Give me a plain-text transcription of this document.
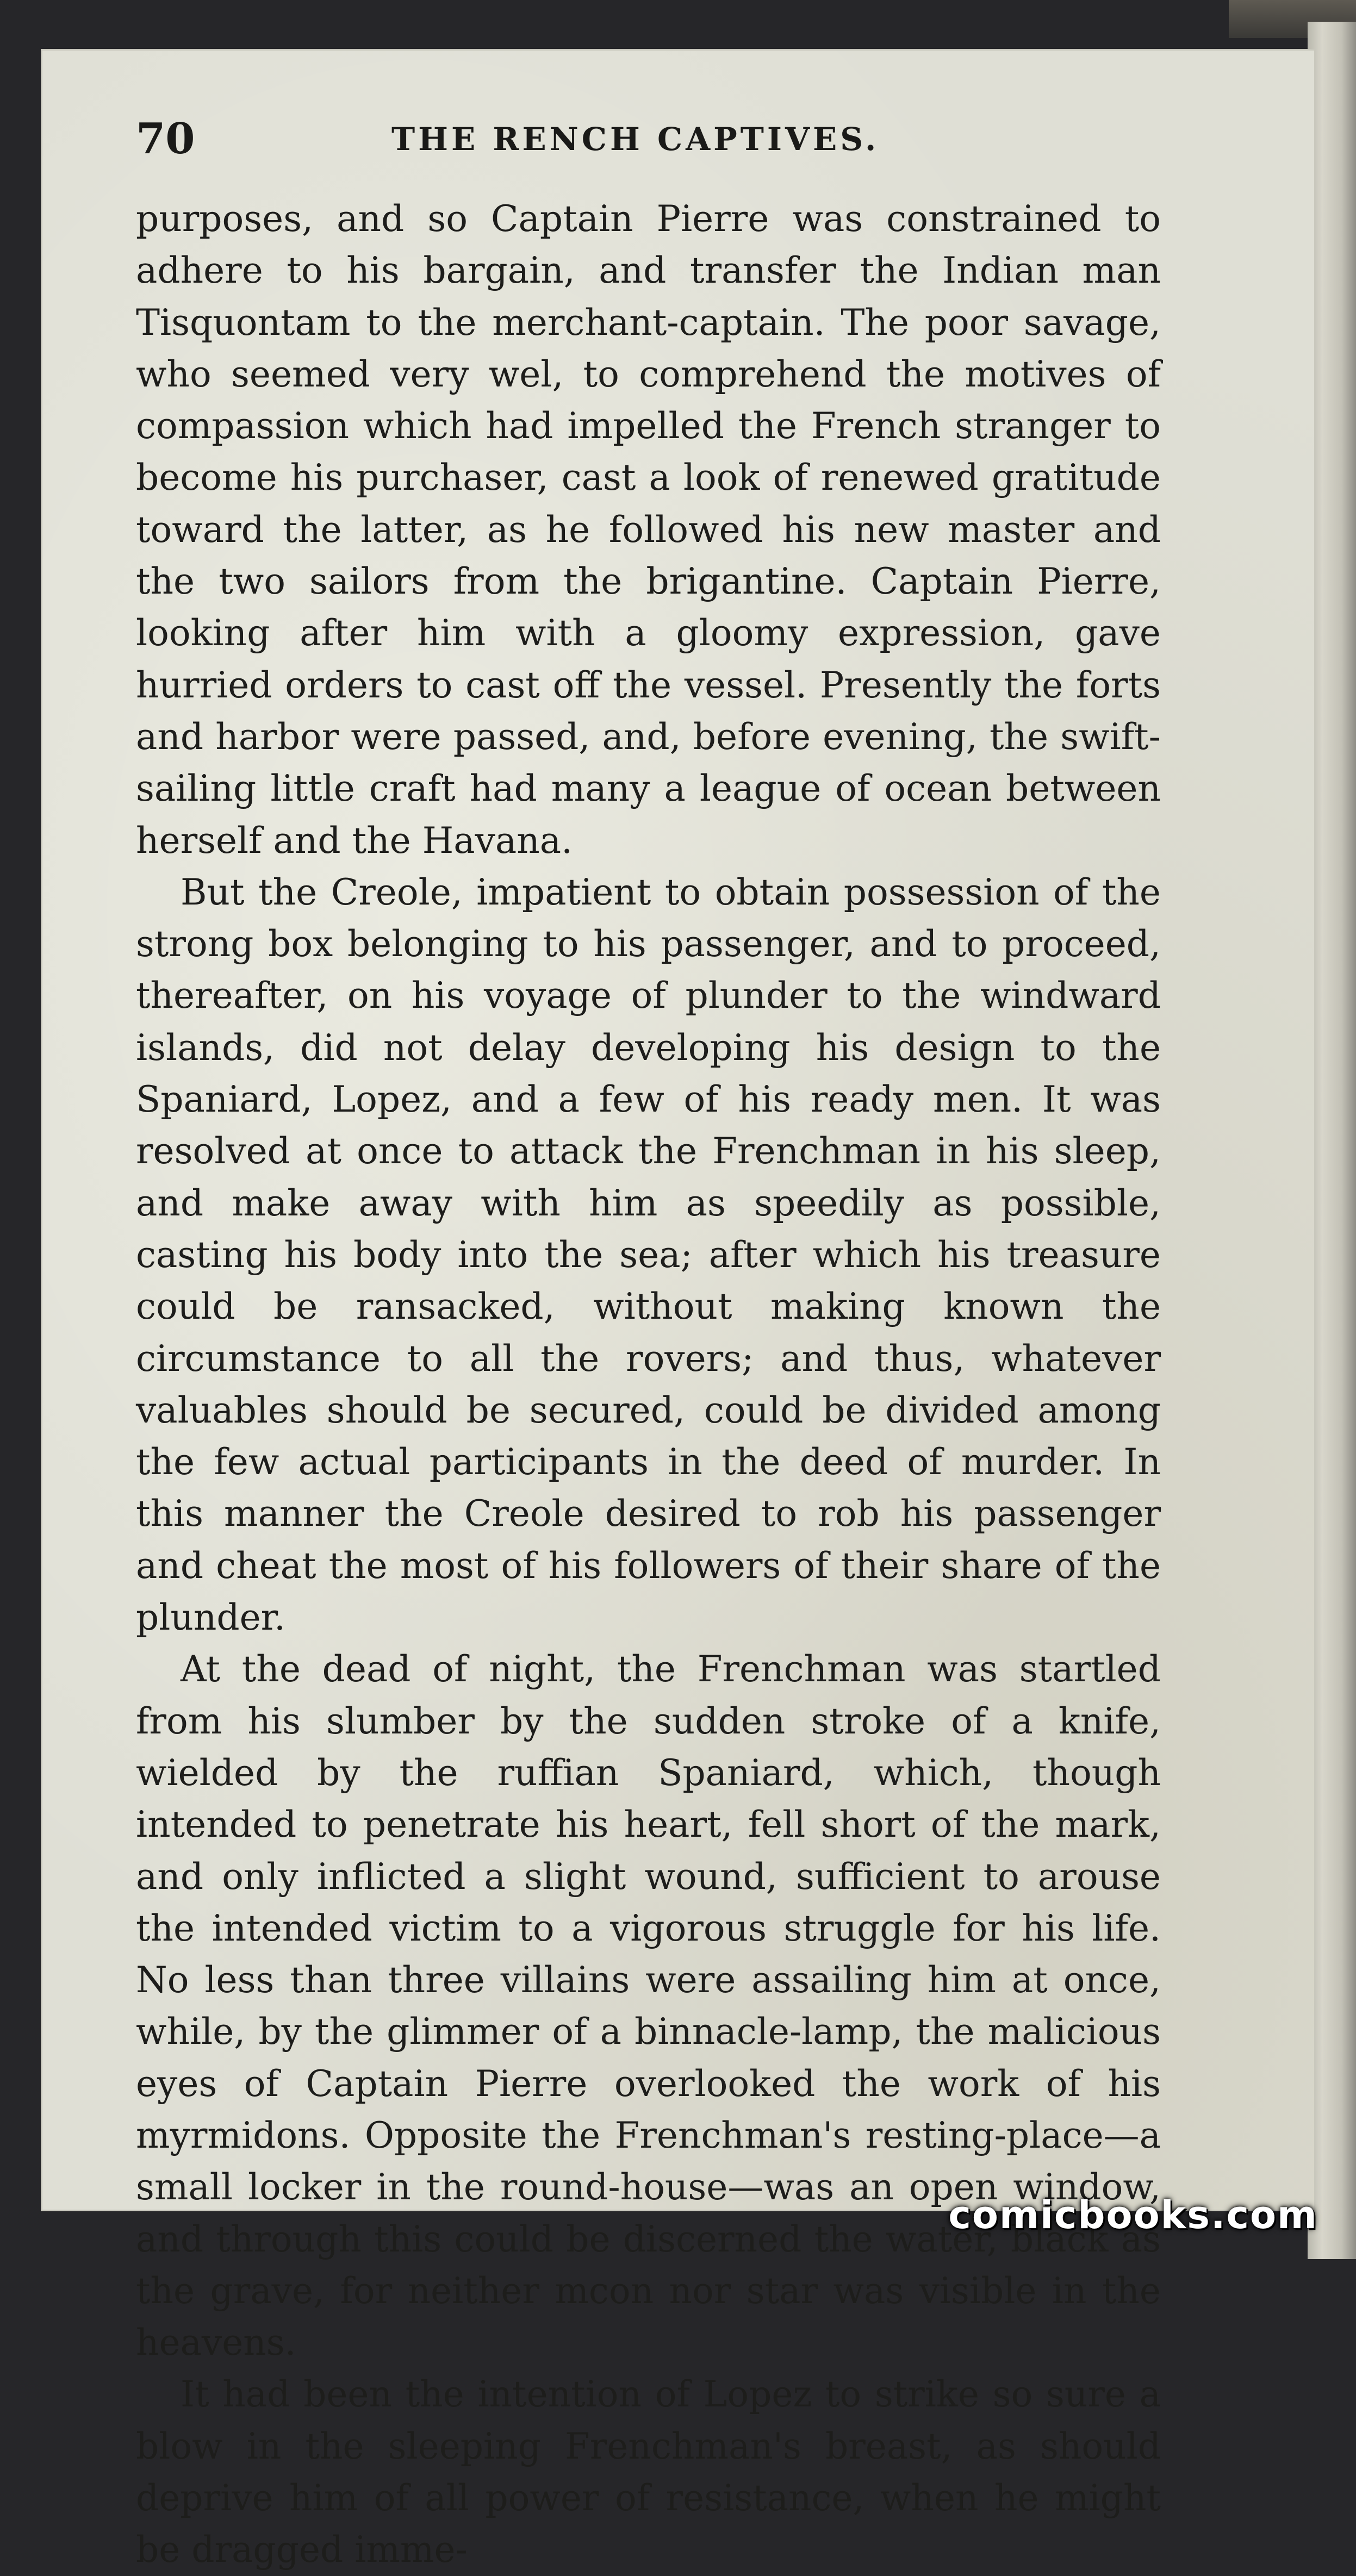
70	THE RENCH CAPTIVES.

purposes, and so Captain Pierre was constrained to adhere to his bargain, and transfer the Indian man Tisquontam to the merchant-captain. The poor savage, who seemed very wel, to comprehend the motives of compassion which had impelled the French stranger to become his purchaser, cast a look of renewed gratitude toward the latter, as he followed his new master and the two sailors from the brigantine. Captain Pierre, looking after him with a gloomy expression, gave hurried orders to cast off the vessel. Presently the forts and harbor were passed, and, before evening, the swift-sailing little craft had many a league of ocean between herself and the Havana.

But the Creole, impatient to obtain possession of the strong box belonging to his passenger, and to proceed, thereafter, on his voyage of plunder to the windward islands, did not delay developing his design to the Spaniard, Lopez, and a few of his ready men. It was resolved at once to attack the Frenchman in his sleep, and make away with him as speedily as possible, casting his body into the sea; after which his treasure could be ransacked, without making known the circumstance to all the rovers; and thus, whatever valuables should be secured, could be divided among the few actual participants in the deed of murder. In this manner the Creole desired to rob his passenger and cheat the most of his followers of their share of the plunder.

At the dead of night, the Frenchman was startled from his slumber by the sudden stroke of a knife, wielded by the ruffian Spaniard, which, though intended to penetrate his heart, fell short of the mark, and only inflicted a slight wound, sufficient to arouse the intended victim to a vigorous struggle for his life. No less than three villains were assailing him at once, while, by the glimmer of a binnacle-lamp, the malicious eyes of Captain Pierre overlooked the work of his myrmidons. Opposite the Frenchman's resting-place—a small locker in the round-house—was an open window, and through this could be discerned the water, black as the grave, for neither mcon nor star was visible in the heavens.

It had been the intention of Lopez to strike so sure a blow in the sleeping Frenchman's breast, as should deprive him of all power of resistance, when he might be dragged imme-

comicbooks.com
